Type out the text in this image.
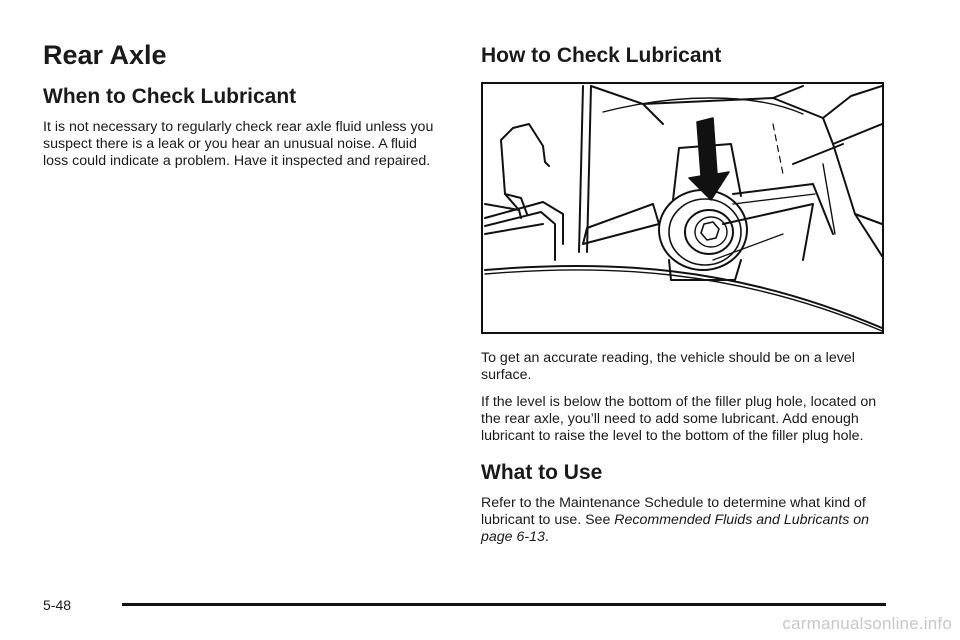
Rear Axle
When to Check Lubricant

It is not necessary to regularly check rear axle fluid unless you suspect there is a leak or you hear an unusual noise. A fluid loss could indicate a problem. Have it inspected and repaired.

How to Check Lubricant

To get an accurate reading, the vehicle should be on a level surface.

If the level is below the bottom of the filler plug hole, located on the rear axle, you’ll need to add some lubricant. Add enough lubricant to raise the level to the bottom of the filler plug hole.

What to Use

Refer to the Maintenance Schedule to determine what kind of lubricant to use. See Recommended Fluids and Lubricants on page 6-13.

5-48
carmanualsonline.info
